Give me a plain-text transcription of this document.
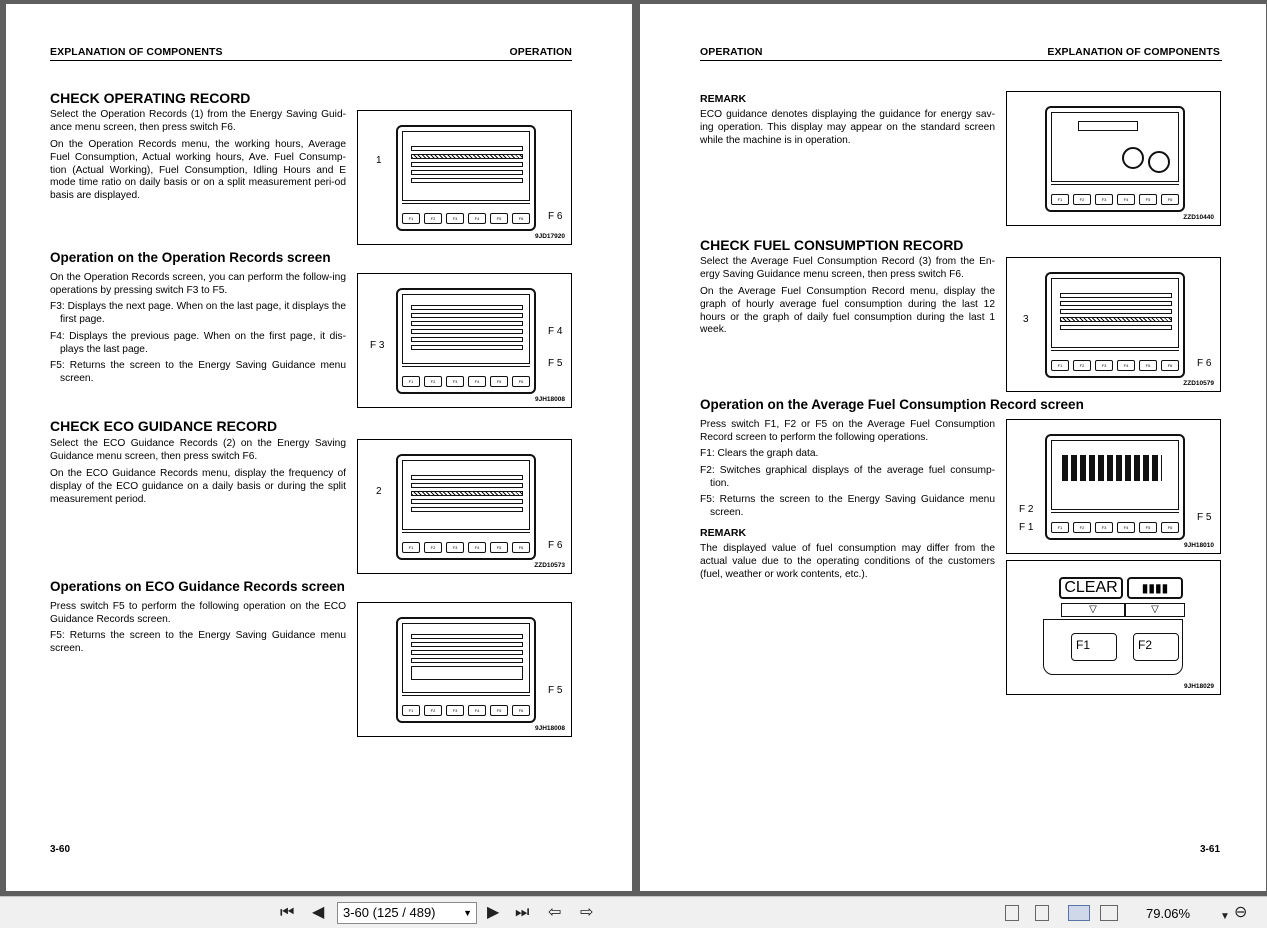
EXPLANATION OF COMPONENTS	OPERATION
CHECK OPERATING RECORD
Select the Operation Records (1) from the Energy Saving Guid-ance menu screen, then press switch F6.
On the Operation Records menu, the working hours, Average Fuel Consumption, Actual working hours, Ave. Fuel Consump-tion (Actual Working), Fuel Consumption, Idling Hours and E mode time ratio on daily basis or on a split measurement peri-od basis are displayed.
F1	F2	F3	F4	F5	F6
1
F 6
9JD17920
Operation on the Operation Records screen
On the Operation Records screen, you can perform the follow-ing operations by pressing switch F3 to F5.
F3: Displays the next page. When on the last page, it displays the first page.
F4: Displays the previous page. When on the first page, it dis-plays the last page.
F5: Returns the screen to the Energy Saving Guidance menu screen.	F1	F2	F3	F4	F5	F6
F 3
F 4
F 5
9JH18008
CHECK ECO GUIDANCE RECORD
Select the ECO Guidance Records (2) on the Energy Saving Guidance menu screen, then press switch F6.
On the ECO Guidance Records menu, display the frequency of display of the ECO guidance on a daily basis or during the split measurement period.
F1	F2	F3	F4	F5	F6
2
F 6
ZZD10573
Operations on ECO Guidance Records screen
Press switch F5 to perform the following operation on the ECO Guidance Records screen.
F5: Returns the screen to the Energy Saving Guidance menu screen.
F1	F2	F3	F4	F5	F6
F 5
9JH18008
3-60
OPERATION	EXPLANATION OF COMPONENTS
REMARK
ECO guidance denotes displaying the guidance for energy sav-ing operation. This display may appear on the standard screen while the machine is in operation.
F1	F2	F3	F4	F5	F6
ZZD10440
CHECK FUEL CONSUMPTION RECORD
Select the Average Fuel Consumption Record (3) from the En-ergy Saving Guidance menu screen, then press switch F6.
On the Average Fuel Consumption Record menu, display the graph of hourly average fuel consumption during the last 12 hours or the graph of daily fuel consumption during the last 1 week.
F1	F2	F3	F4	F5	F6
3
F 6
ZZD10579
Operation on the Average Fuel Consumption Record screen
Press switch F1, F2 or F5 on the Average Fuel Consumption Record screen to perform the following operations.
F1: Clears the graph data.
F2: Switches graphical displays of the average fuel consump-tion.
F5: Returns the screen to the Energy Saving Guidance menu screen.
REMARK
The displayed value of fuel consumption may differ from the actual value due to the operating conditions of the customers (fuel, weather or work contents, etc.).
F1	F2	F3	F4	F5	F6
F 2
F 1
F 5
9JH18010
CLEAR	▮▮▮▮
▽	▽
F1	F2
9JH18029
3-61
⏮ ◀	3-60 (125 / 489)	▼ ▶ ⏭ ⇦ ⇨	79.06%	▼ ⊖
